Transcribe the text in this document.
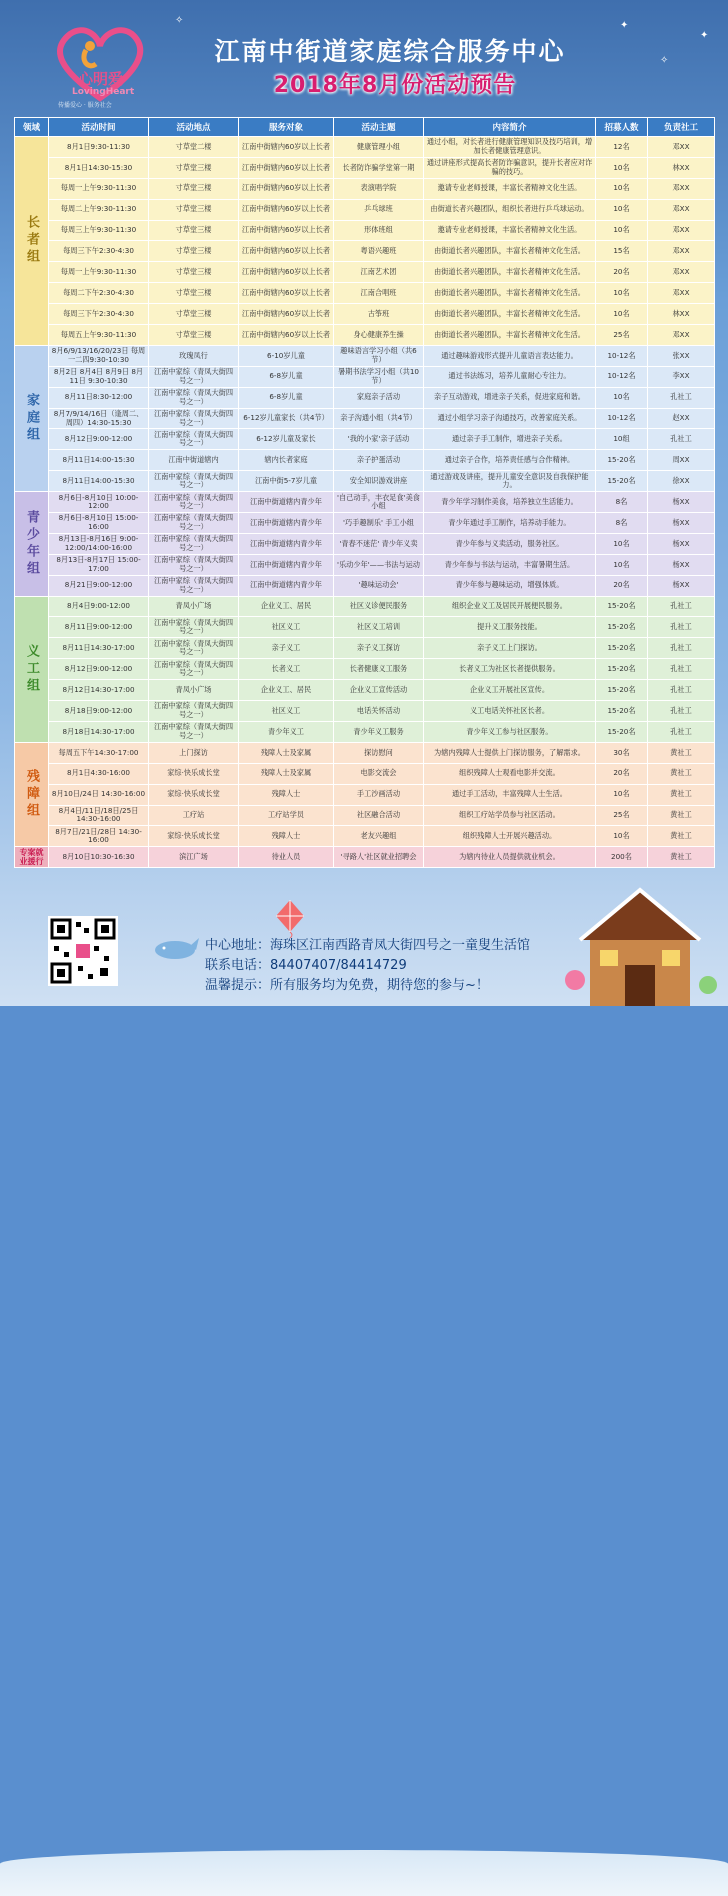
心明爱
LovingHeart
传播爱心 · 服务社会
江南中街道家庭综合服务中心
2018年8月份活动预告
✦
✧
✧
✦
领域	活动时间	活动地点	服务对象	活动主题	内容简介	招募人数	负责社工
长者组	8月1日9:30-11:30	寸草堂二楼	江南中街辖内60岁以上长者	健康管理小组	通过小组，对长者进行健康管理知识及技巧培训，增加长者健康管理意识。	12名	邓XX
	8月1日14:30-15:30	寸草堂三楼	江南中街辖内60岁以上长者	长者防诈骗学堂第一期	通过讲座形式提高长者防诈骗意识，提升长者应对诈骗的技巧。	10名	林XX
	每周一上午9:30-11:30	寸草堂三楼	江南中街辖内60岁以上长者	表演唱学院	邀请专业老师授课，丰富长者精神文化生活。	10名	邓XX
	每周二上午9:30-11:30	寸草堂三楼	江南中街辖内60岁以上长者	乒乓球班	由街道长者兴趣团队，组织长者进行乒乓球运动。	10名	邓XX
	每周三上午9:30-11:30	寸草堂三楼	江南中街辖内60岁以上长者	形体班组	邀请专业老师授课，丰富长者精神文化生活。	10名	邓XX
	每周三下午2:30-4:30	寸草堂三楼	江南中街辖内60岁以上长者	粤语兴趣班	由街道长者兴趣团队，丰富长者精神文化生活。	15名	邓XX
	每周一上午9:30-11:30	寸草堂三楼	江南中街辖内60岁以上长者	江南艺术团	由街道长者兴趣团队，丰富长者精神文化生活。	20名	邓XX
	每周二下午2:30-4:30	寸草堂三楼	江南中街辖内60岁以上长者	江南合唱班	由街道长者兴趣团队，丰富长者精神文化生活。	10名	邓XX
	每周三下午2:30-4:30	寸草堂三楼	江南中街辖内60岁以上长者	古筝班	由街道长者兴趣团队，丰富长者精神文化生活。	10名	林XX
	每周五上午9:30-11:30	寸草堂三楼	江南中街辖内60岁以上长者	身心健康养生操	由街道长者兴趣团队，丰富长者精神文化生活。	25名	邓XX
家庭组	8月6/9/13/16/20/23日 每周一二四9:30-10:30	玫瑰凤行	6-10岁儿童	趣味语言学习小组（共6节）	通过趣味游戏形式提升儿童语言表达能力。	10-12名	张XX
	8月2日 8月4日 8月9日 8月11日 9:30-10:30	江南中家综（青凤大街四号之一）	6-8岁儿童	暑期书法学习小组（共10节）	通过书法练习，培养儿童耐心专注力。	10-12名	李XX
	8月11日8:30-12:00	江南中家综（青凤大街四号之一）	6-8岁儿童	家庭亲子活动	亲子互动游戏，增进亲子关系，促进家庭和谐。	10名	孔社工
	8月7/9/14/16日（逢周二、周四）14:30-15:30	江南中家综（青凤大街四号之一）	6-12岁儿童家长（共4节）	亲子沟通小组（共4节）	通过小组学习亲子沟通技巧，改善家庭关系。	10-12名	赵XX
	8月12日9:00-12:00	江南中家综（青凤大街四号之一）	6-12岁儿童及家长	'我的小家'亲子活动	通过亲子手工制作，增进亲子关系。	10组	孔社工
	8月11日14:00-15:30	江南中街道辖内	辖内长者家庭	亲子护蛋活动	通过亲子合作，培养责任感与合作精神。	15-20名	周XX
	8月11日14:00-15:30	江南中家综（青凤大街四号之一）	江南中街5-7岁儿童	安全知识游戏讲座	通过游戏及讲座，提升儿童安全意识及自我保护能力。	15-20名	徐XX
青少年组	8月6日-8月10日 10:00-12:00	江南中家综（青凤大街四号之一）	江南中街道辖内青少年	'自己动手，丰衣足食'美食小组	青少年学习制作美食，培养独立生活能力。	8名	杨XX
	8月6日-8月10日 15:00-16:00	江南中家综（青凤大街四号之一）	江南中街道辖内青少年	'巧手趣制乐' 手工小组	青少年通过手工制作，培养动手能力。	8名	杨XX
	8月13日-8月16日 9:00-12:00/14:00-16:00	江南中家综（青凤大街四号之一）	江南中街道辖内青少年	'青春不迷茫' 青少年义卖	青少年参与义卖活动，服务社区。	10名	杨XX
	8月13日-8月17日 15:00-17:00	江南中家综（青凤大街四号之一）	江南中街道辖内青少年	'乐动少年'——书法与运动	青少年参与书法与运动，丰富暑期生活。	10名	杨XX
	8月21日9:00-12:00	江南中家综（青凤大街四号之一）	江南中街道辖内青少年	'趣味运动会'	青少年参与趣味运动，增强体质。	20名	杨XX
义工组	8月4日9:00-12:00	青凤小广场	企业义工、居民	社区义诊便民服务	组织企业义工及居民开展便民服务。	15-20名	孔社工
	8月11日9:00-12:00	江南中家综（青凤大街四号之一）	社区义工	社区义工培训	提升义工服务技能。	15-20名	孔社工
	8月11日14:30-17:00	江南中家综（青凤大街四号之一）	亲子义工	亲子义工探访	亲子义工上门探访。	15-20名	孔社工
	8月12日9:00-12:00	江南中家综（青凤大街四号之一）	长者义工	长者健康义工服务	长者义工为社区长者提供服务。	15-20名	孔社工
	8月12日14:30-17:00	青凤小广场	企业义工、居民	企业义工宣传活动	企业义工开展社区宣传。	15-20名	孔社工
	8月18日9:00-12:00	江南中家综（青凤大街四号之一）	社区义工	电话关怀活动	义工电话关怀社区长者。	15-20名	孔社工
	8月18日14:30-17:00	江南中家综（青凤大街四号之一）	青少年义工	青少年义工服务	青少年义工参与社区服务。	15-20名	孔社工
残障组	每周五下午14:30-17:00	上门探访	残障人士及家属	探访慰问	为辖内残障人士提供上门探访服务，了解需求。	30名	黄社工
	8月1日4:30-16:00	家综·快乐成长堂	残障人士及家属	电影交流会	组织残障人士观看电影并交流。	20名	黄社工
	8月10日/24日 14:30-16:00	家综·快乐成长堂	残障人士	手工沙画活动	通过手工活动，丰富残障人士生活。	10名	黄社工
	8月4日/11日/18日/25日 14:30-16:00	工疗站	工疗站学员	社区融合活动	组织工疗站学员参与社区活动。	25名	黄社工
	8月7日/21日/28日 14:30-16:00	家综·快乐成长堂	残障人士	老友兴趣组	组织残障人士开展兴趣活动。	10名	黄社工
专案就业援行	8月10日10:30-16:30	滨江广场	待业人员	'寻路人'社区就业招聘会	为辖内待业人员提供就业机会。	200名	黄社工
中心地址：海珠区江南西路青凤大街四号之一童叟生活馆
联系电话：84407407/84414729
温馨提示：所有服务均为免费，期待您的参与~！
